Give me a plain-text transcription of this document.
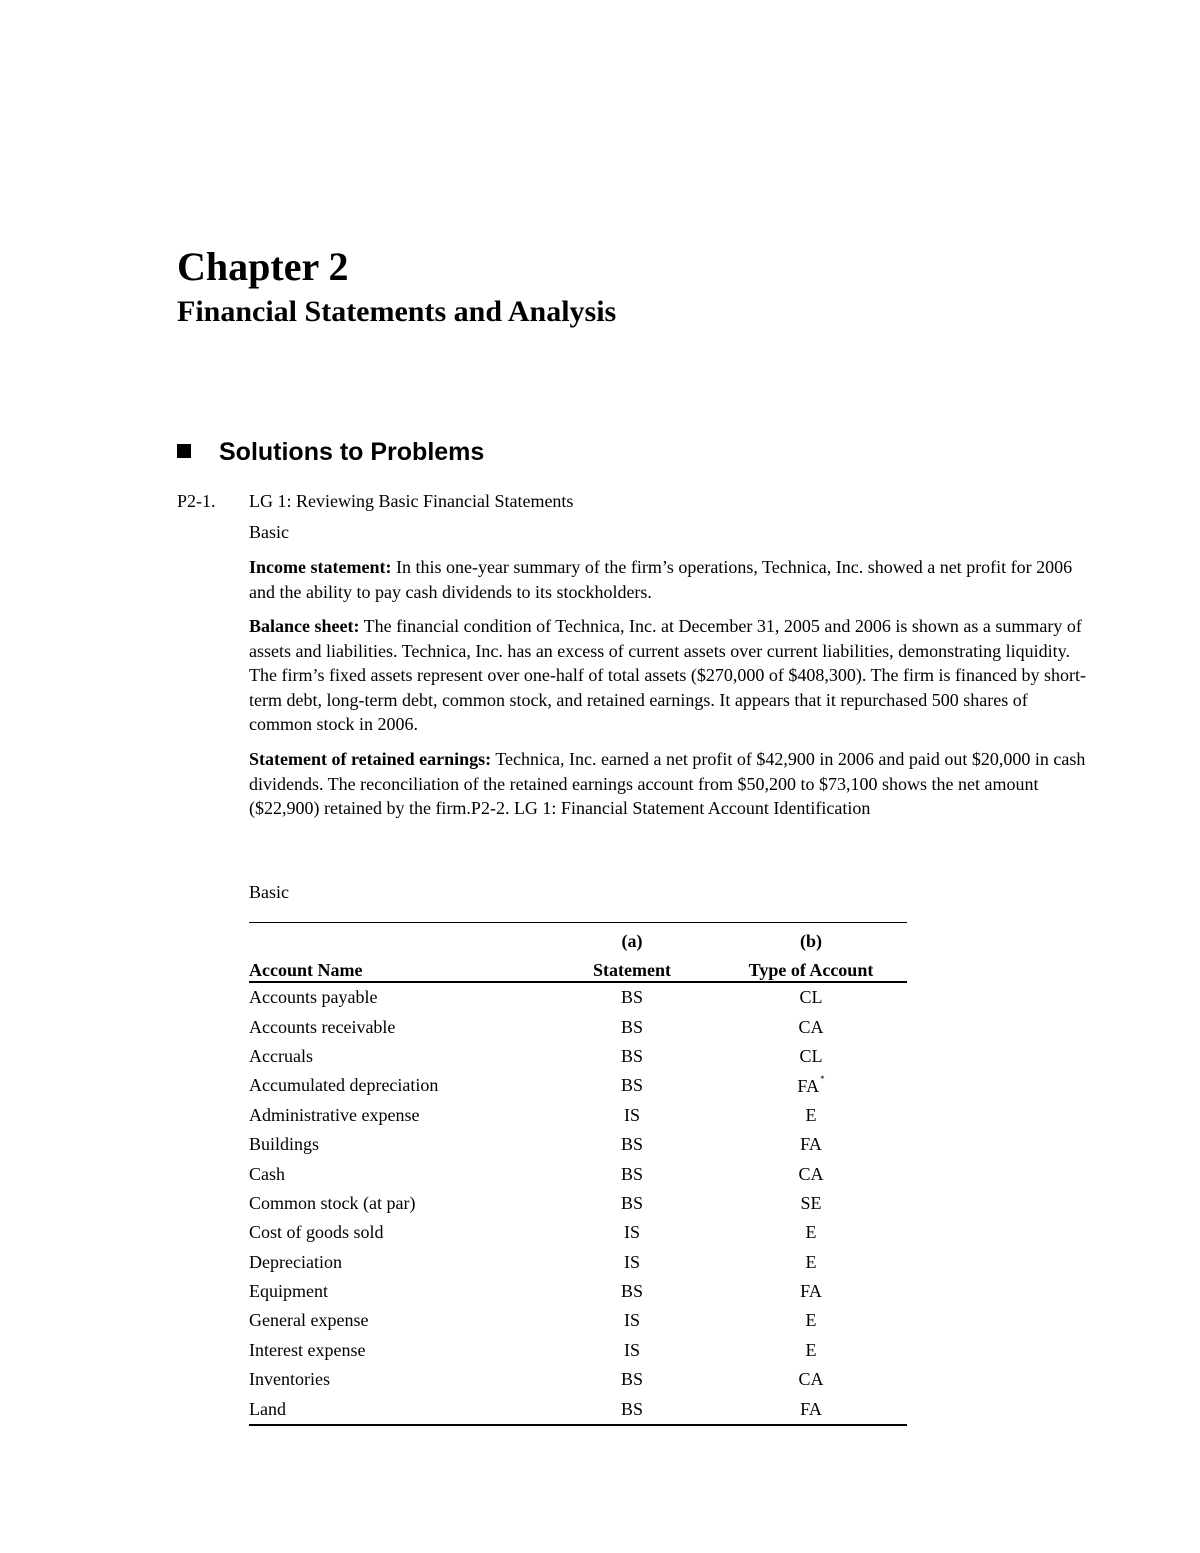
Chapter 2
Financial Statements and Analysis
Solutions to Problems
P2-1. LG 1: Reviewing Basic Financial Statements
Basic

Income statement: In this one-year summary of the firm’s operations, Technica, Inc. showed a net profit for 2006 and the ability to pay cash dividends to its stockholders.

Balance sheet: The financial condition of Technica, Inc. at December 31, 2005 and 2006 is shown as a summary of assets and liabilities. Technica, Inc. has an excess of current assets over current liabilities, demonstrating liquidity. The firm’s fixed assets represent over one-half of total assets ($270,000 of $408,300). The firm is financed by short-term debt, long-term debt, common stock, and retained earnings. It appears that it repurchased 500 shares of common stock in 2006.

Statement of retained earnings: Technica, Inc. earned a net profit of $42,900 in 2006 and paid out $20,000 in cash dividends. The reconciliation of the retained earnings account from $50,200 to $73,100 shows the net amount ($22,900) retained by the firm.P2-2. LG 1: Financial Statement Account Identification

Basic
	(a)	(b)
Account Name	Statement	Type of Account
Accounts payable	BS	CL
Accounts receivable	BS	CA
Accruals	BS	CL
Accumulated depreciation	BS	FA*
Administrative expense	IS	E
Buildings	BS	FA
Cash	BS	CA
Common stock (at par)	BS	SE
Cost of goods sold	IS	E
Depreciation	IS	E
Equipment	BS	FA
General expense	IS	E
Interest expense	IS	E
Inventories	BS	CA
Land	BS	FA
